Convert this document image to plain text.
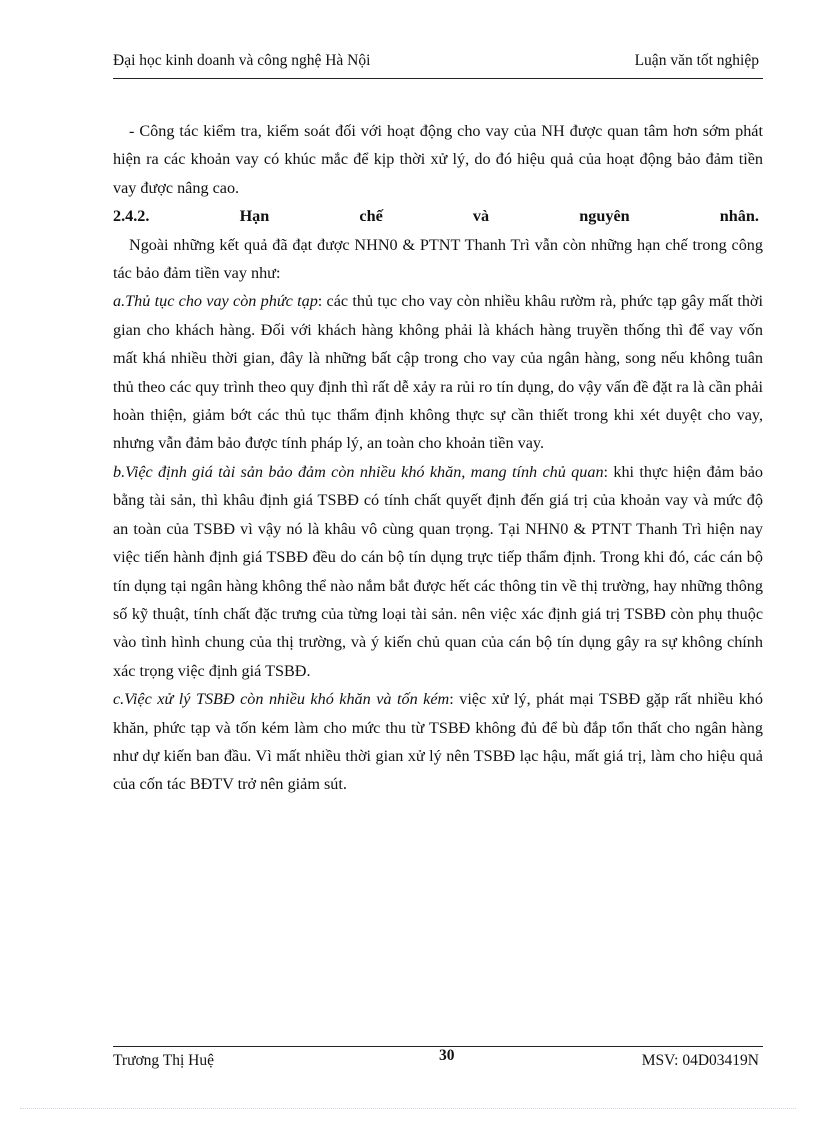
Đại học kinh doanh và công nghệ Hà Nội	Luận văn tốt nghiệp

- Công tác kiểm tra, kiểm soát đối với hoạt động cho vay của NH được quan tâm hơn sớm phát hiện ra các khoản vay có khúc mắc để kịp thời xử lý, do đó hiệu quả của hoạt động bảo đảm tiền vay được nâng cao.

2.4.2.	Hạn	chế	và	nguyên	nhân.

Ngoài những kết quả đã đạt được NHN0 & PTNT Thanh Trì vẫn còn những hạn chế trong công tác bảo đảm tiền vay như:

a.Thủ tục cho vay còn phức tạp: các thủ tục cho vay còn nhiều khâu rườm rà, phức tạp gây mất thời gian cho khách hàng. Đối với khách hàng không phải là khách hàng truyền thống thì để vay vốn mất khá nhiều thời gian, đây là những bất cập trong cho vay của ngân hàng, song nếu không tuân thủ theo các quy trình theo quy định thì rất dễ xảy ra rủi ro tín dụng, do vậy vấn đề đặt ra là cần phải hoàn thiện, giảm bớt các thủ tục thẩm định không thực sự cần thiết trong khi xét duyệt cho vay, nhưng vẫn đảm bảo được tính pháp lý, an toàn cho khoản tiền vay.

b.Việc định giá tài sản bảo đảm còn nhiều khó khăn, mang tính chủ quan: khi thực hiện đảm bảo bằng tài sản, thì khâu định giá TSBĐ có tính chất quyết định đến giá trị của khoản vay và mức độ an toàn của TSBĐ vì vậy nó là khâu vô cùng quan trọng. Tại NHN0 & PTNT Thanh Trì hiện nay việc tiến hành định giá TSBĐ đều do cán bộ tín dụng trực tiếp thẩm định. Trong khi đó, các cán bộ tín dụng tại ngân hàng không thể nào nắm bắt được hết các thông tin về thị trường, hay những thông số kỹ thuật, tính chất đặc trưng của từng loại tài sản. nên việc xác định giá trị TSBĐ còn phụ thuộc vào tình hình chung của thị trường, và ý kiến chủ quan của cán bộ tín dụng gây ra sự không chính xác trọng việc định giá TSBĐ.

c.Việc xử lý TSBĐ còn nhiều khó khăn và tốn kém: việc xử lý, phát mại TSBĐ gặp rất nhiều khó khăn, phức tạp và tốn kém làm cho mức thu từ TSBĐ không đủ để bù đắp tổn thất cho ngân hàng như dự kiến ban đầu. Vì mất nhiều thời gian xử lý nên TSBĐ lạc hậu, mất giá trị, làm cho hiệu quả của cốn tác BĐTV trở nên giảm sút.

Trương Thị Huệ	30	MSV: 04D03419N
